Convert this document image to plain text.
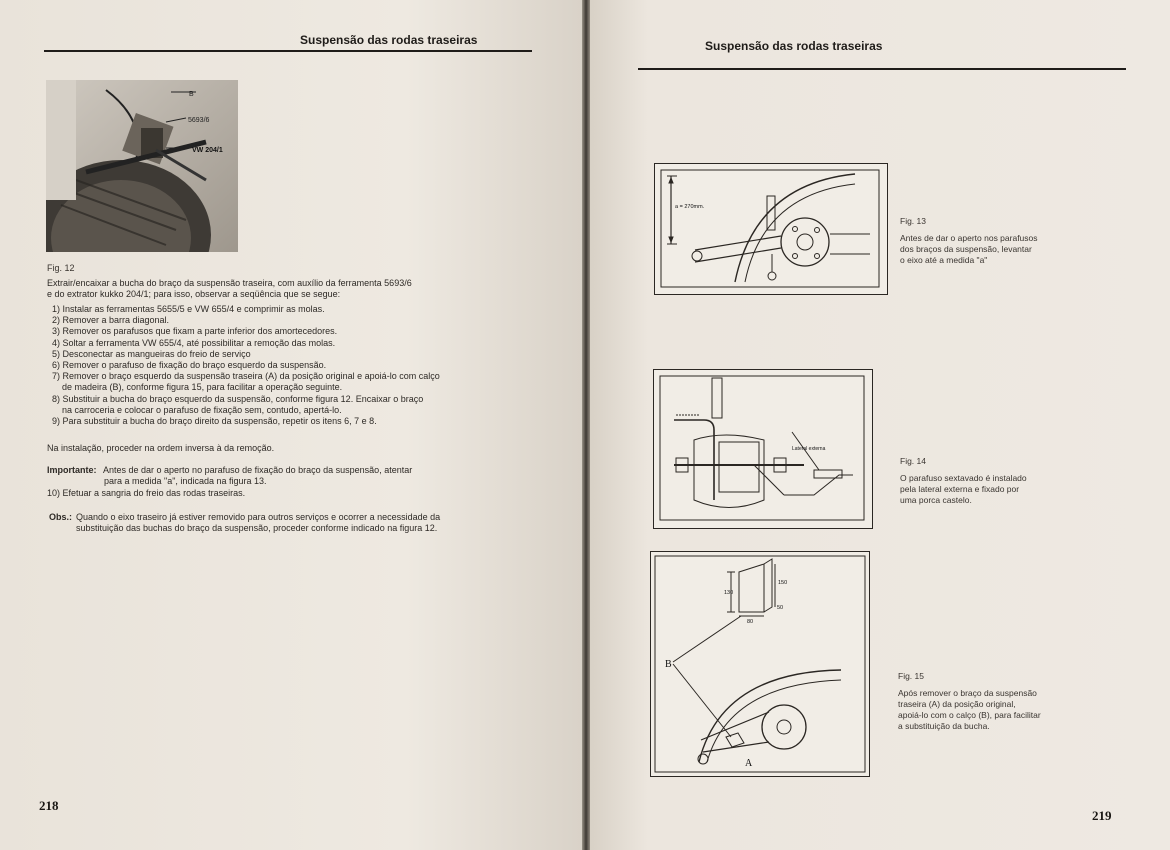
Suspensão das rodas traseiras
B
5693/6
VW 204/1
Fig. 12
Extrair/encaixar a bucha do braço da suspensão traseira, com auxílio da ferramenta 5693/6
e do extrator kukko 204/1; para isso, observar a seqüência que se segue:
1) Instalar as ferramentas 5655/5 e VW 655/4 e comprimir as molas.
2) Remover a barra diagonal.
3) Remover os parafusos que fixam a parte inferior dos amortecedores.
4) Soltar a ferramenta VW 655/4, até possibilitar a remoção das molas.
5) Desconectar as mangueiras do freio de serviço
6) Remover o parafuso de fixação do braço esquerdo da suspensão.
7) Remover o braço esquerdo da suspensão traseira (A) da posição original e apoiá-lo com calço
de madeira (B), conforme figura 15, para facilitar a operação seguinte.
8) Substituir a bucha do braço esquerdo da suspensão, conforme figura 12. Encaixar o braço
na carroceria e colocar o parafuso de fixação sem, contudo, apertá-lo.
9) Para substituir a bucha do braço direito da suspensão, repetir os itens 6, 7 e 8.
Na instalação, proceder na ordem inversa à da remoção.
Importante: Antes de dar o aperto no parafuso de fixação do braço da suspensão, atentar
para a medida "a", indicada na figura 13.
10) Efetuar a sangria do freio das rodas traseiras.
Obs.: Quando o eixo traseiro já estiver removido para outros serviços e ocorrer a necessidade da
substituição das buchas do braço da suspensão, proceder conforme indicado na figura 12.
218
Suspensão das rodas traseiras
a = 270mm.
Fig. 13
Antes de dar o aperto nos parafusos
dos braços da suspensão, levantar
o eixo até a medida "a"
Lateral externa
Fig. 14
O parafuso sextavado é instalado
pela lateral externa e fixado por
uma porca castelo.
130
80
150
50
B
A
Fig. 15
Após remover o braço da suspensão
traseira (A) da posição original,
apoiá-lo com o calço (B), para facilitar
a substituição da bucha.
219
